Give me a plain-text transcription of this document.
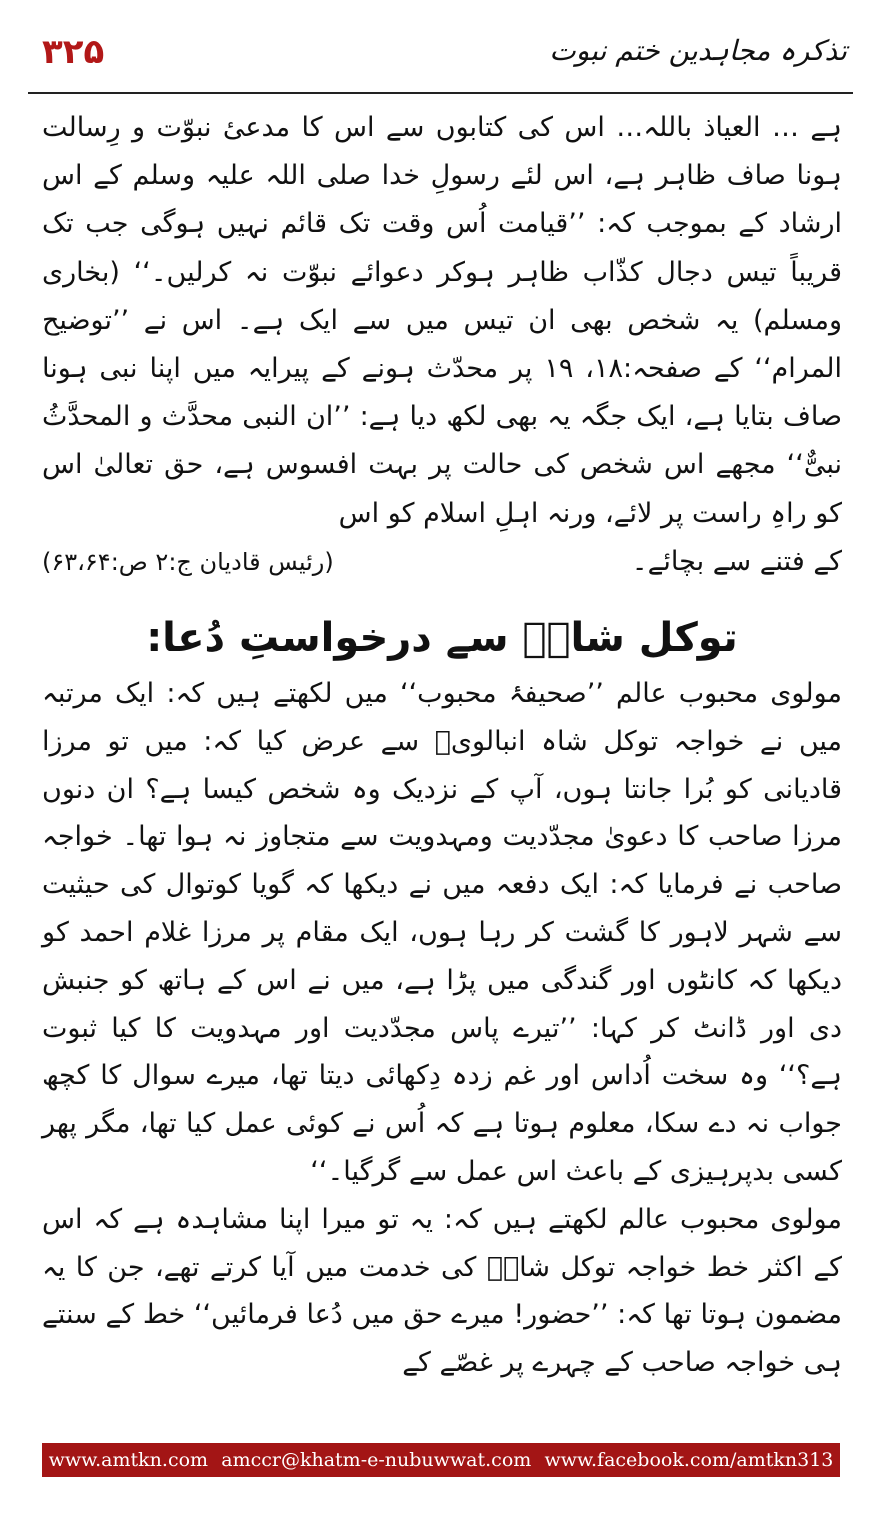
۳۲۵	تذکرہ مجاہدین ختم نبوت

ہے … العیاذ باللہ… اس کی کتابوں سے اس کا مدعیٔ نبوّت و رِسالت ہونا صاف ظاہر ہے، اس لئے رسولِ خدا صلی اللہ علیہ وسلم کے اس ارشاد کے بموجب کہ: ’’قیامت اُس وقت تک قائم نہیں ہوگی جب تک قریباً تیس دجال کذّاب ظاہر ہوکر دعوائے نبوّت نہ کرلیں۔‘‘ (بخاری ومسلم) یہ شخص بھی ان تیس میں سے ایک ہے۔ اس نے ’’توضیح المرام‘‘ کے صفحہ:۱۸، ۱۹ پر محدّث ہونے کے پیرایہ میں اپنا نبی ہونا صاف بتایا ہے، ایک جگہ یہ بھی لکھ دیا ہے: ’’ان النبی محدَّث و المحدَّثُ نبیٌّ‘‘ مجھے اس شخص کی حالت پر بہت افسوس ہے، حق تعالیٰ اس کو راہِ راست پر لائے، ورنہ اہلِ اسلام کو اس

کے فتنے سے بچائے۔
(رئیس قادیان ج:۲ ص:۶۳،۶۴)
توکل شاہؒ سے درخواستِ دُعا:

مولوی محبوب عالم ’’صحیفۂ محبوب‘‘ میں لکھتے ہیں کہ: ایک مرتبہ میں نے خواجہ توکل شاہ انبالویؒ سے عرض کیا کہ: میں تو مرزا قادیانی کو بُرا جانتا ہوں، آپ کے نزدیک وہ شخص کیسا ہے؟ ان دنوں مرزا صاحب کا دعویٰ مجدّدیت ومہدویت سے متجاوز نہ ہوا تھا۔ خواجہ صاحب نے فرمایا کہ: ایک دفعہ میں نے دیکھا کہ گویا کوتوال کی حیثیت سے شہر لاہور کا گشت کر رہا ہوں، ایک مقام پر مرزا غلام احمد کو دیکھا کہ کانٹوں اور گندگی میں پڑا ہے، میں نے اس کے ہاتھ کو جنبش دی اور ڈانٹ کر کہا: ’’تیرے پاس مجدّدیت اور مہدویت کا کیا ثبوت ہے؟‘‘ وہ سخت اُداس اور غم زدہ دِکھائی دیتا تھا، میرے سوال کا کچھ جواب نہ دے سکا، معلوم ہوتا ہے کہ اُس نے کوئی عمل کیا تھا، مگر پھر کسی بدپرہیزی کے باعث اس عمل سے گرگیا۔‘‘

مولوی محبوب عالم لکھتے ہیں کہ: یہ تو میرا اپنا مشاہدہ ہے کہ اس کے اکثر خط خواجہ توکل شاہؒ کی خدمت میں آیا کرتے تھے، جن کا یہ مضمون ہوتا تھا کہ: ’’حضور! میرے حق میں دُعا فرمائیں‘‘ خط کے سنتے ہی خواجہ صاحب کے چہرے پر غصّے کے

www.amtkn.com amccr@khatm-e-nubuwwat.com www.facebook.com/amtkn313
